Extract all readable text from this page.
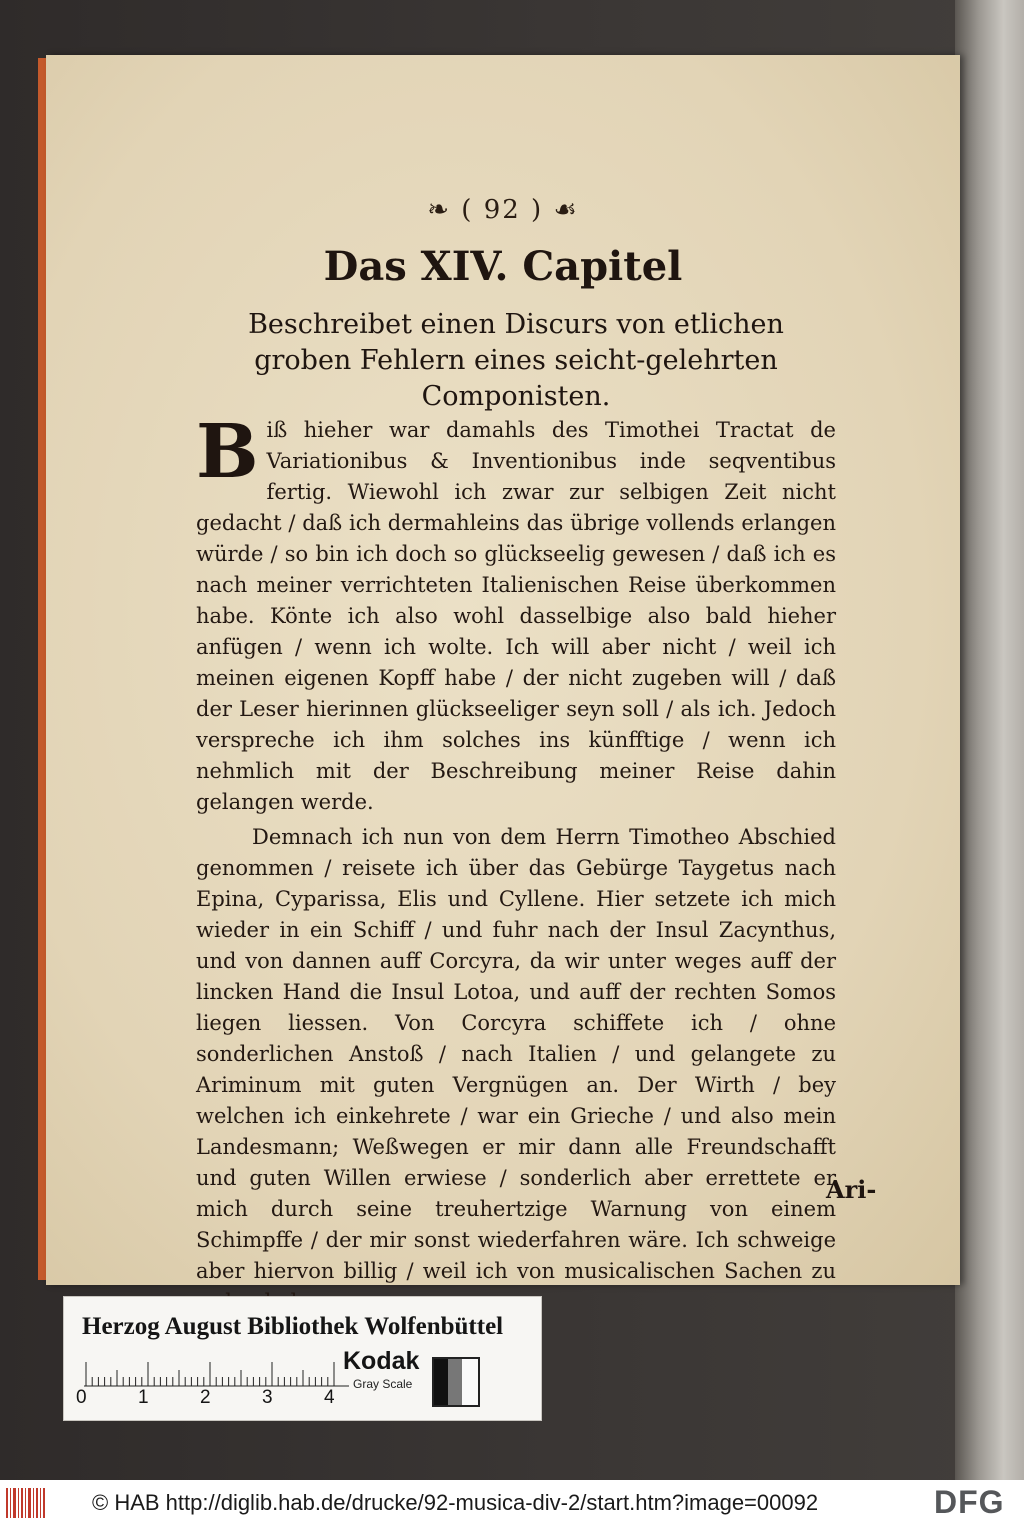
❧ ( 92 ) ☙
Das XIV. Capitel
Beschreibet einen Discurs von etlichen groben Fehlern eines seicht-gelehrten Componisten.

Biß hieher war damahls des Timothei Tractat de Variationibus & Inventionibus inde seqventibus fertig. Wiewohl ich zwar zur selbigen Zeit nicht gedacht / daß ich dermahleins das übrige vollends erlangen würde / so bin ich doch so glückseelig gewesen / daß ich es nach meiner verrichteten Italienischen Reise überkommen habe. Könte ich also wohl dasselbige also bald hieher anfügen / wenn ich wolte. Ich will aber nicht / weil ich meinen eigenen Kopff habe / der nicht zugeben will / daß der Leser hierinnen glückseeliger seyn soll / als ich. Jedoch verspreche ich ihm solches ins künfftige / wenn ich nehmlich mit der Beschreibung meiner Reise dahin gelangen werde.

Demnach ich nun von dem Herrn Timotheo Abschied genommen / reisete ich über das Gebürge Taygetus nach Epina, Cyparissa, Elis und Cyllene. Hier setzete ich mich wieder in ein Schiff / und fuhr nach der Insul Zacynthus, und von dannen auff Corcyra, da wir unter weges auff der lincken Hand die Insul Lotoa, und auff der rechten Somos liegen liessen. Von Corcyra schiffete ich / ohne sonderlichen Anstoß / nach Italien / und gelangete zu Ariminum mit guten Vergnügen an. Der Wirth / bey welchen ich einkehrete / war ein Grieche / und also mein Landesmann; Weßwegen er mir dann alle Freundschafft und guten Willen erwiese / sonderlich aber errettete er mich durch seine treuhertzige Warnung von einem Schimpffe / der mir sonst wiederfahren wäre. Ich schweige aber hiervon billig / weil ich von musicalischen Sachen zu

Ari-
Herzog August Bibliothek Wolfenbüttel
0	1	2	3	4
Kodak
Gray Scale
© HAB http://diglib.hab.de/drucke/92-musica-div-2/start.htm?image=00092	DFG
